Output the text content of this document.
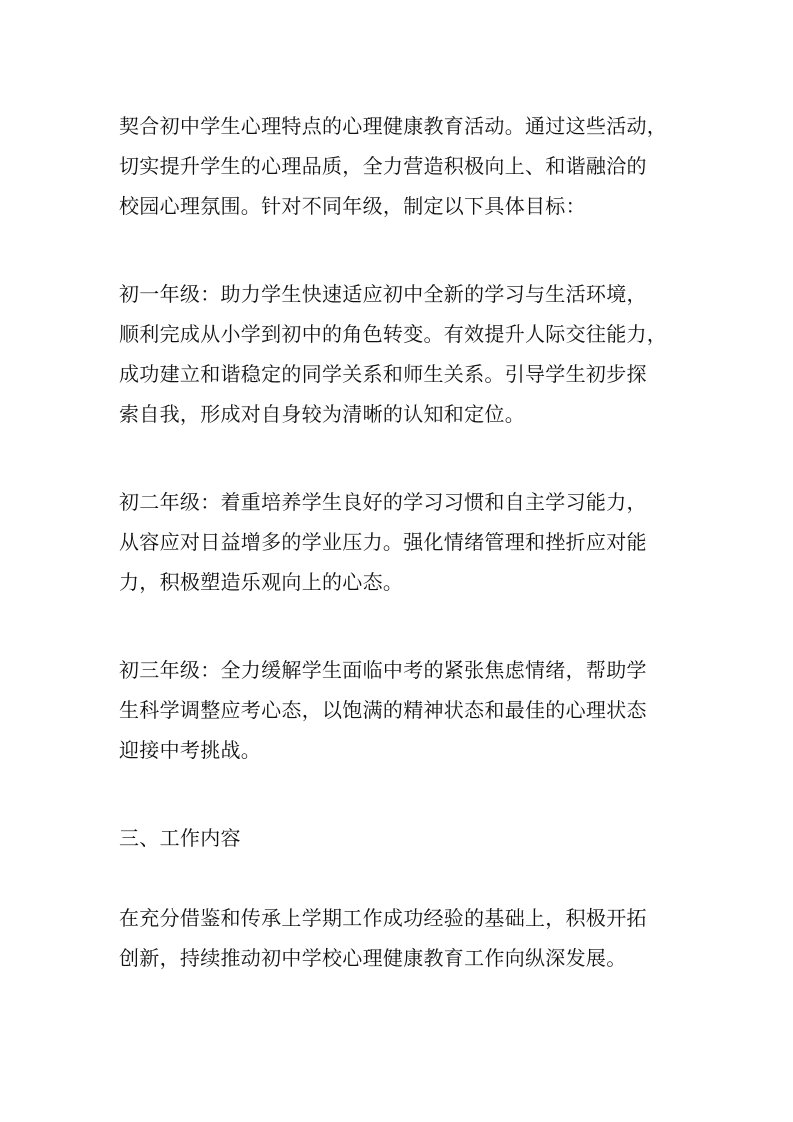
契合初中学生心理特点的心理健康教育活动。通过这些活动，
切实提升学生的心理品质，全力营造积极向上、和谐融洽的
校园心理氛围。针对不同年级，制定以下具体目标：
初一年级：助力学生快速适应初中全新的学习与生活环境，
顺利完成从小学到初中的角色转变。有效提升人际交往能力，
成功建立和谐稳定的同学关系和师生关系。引导学生初步探
索自我，形成对自身较为清晰的认知和定位。
初二年级：着重培养学生良好的学习习惯和自主学习能力，
从容应对日益增多的学业压力。强化情绪管理和挫折应对能
力，积极塑造乐观向上的心态。
初三年级：全力缓解学生面临中考的紧张焦虑情绪，帮助学
生科学调整应考心态，以饱满的精神状态和最佳的心理状态
迎接中考挑战。
三、工作内容
在充分借鉴和传承上学期工作成功经验的基础上，积极开拓
创新，持续推动初中学校心理健康教育工作向纵深发展。
